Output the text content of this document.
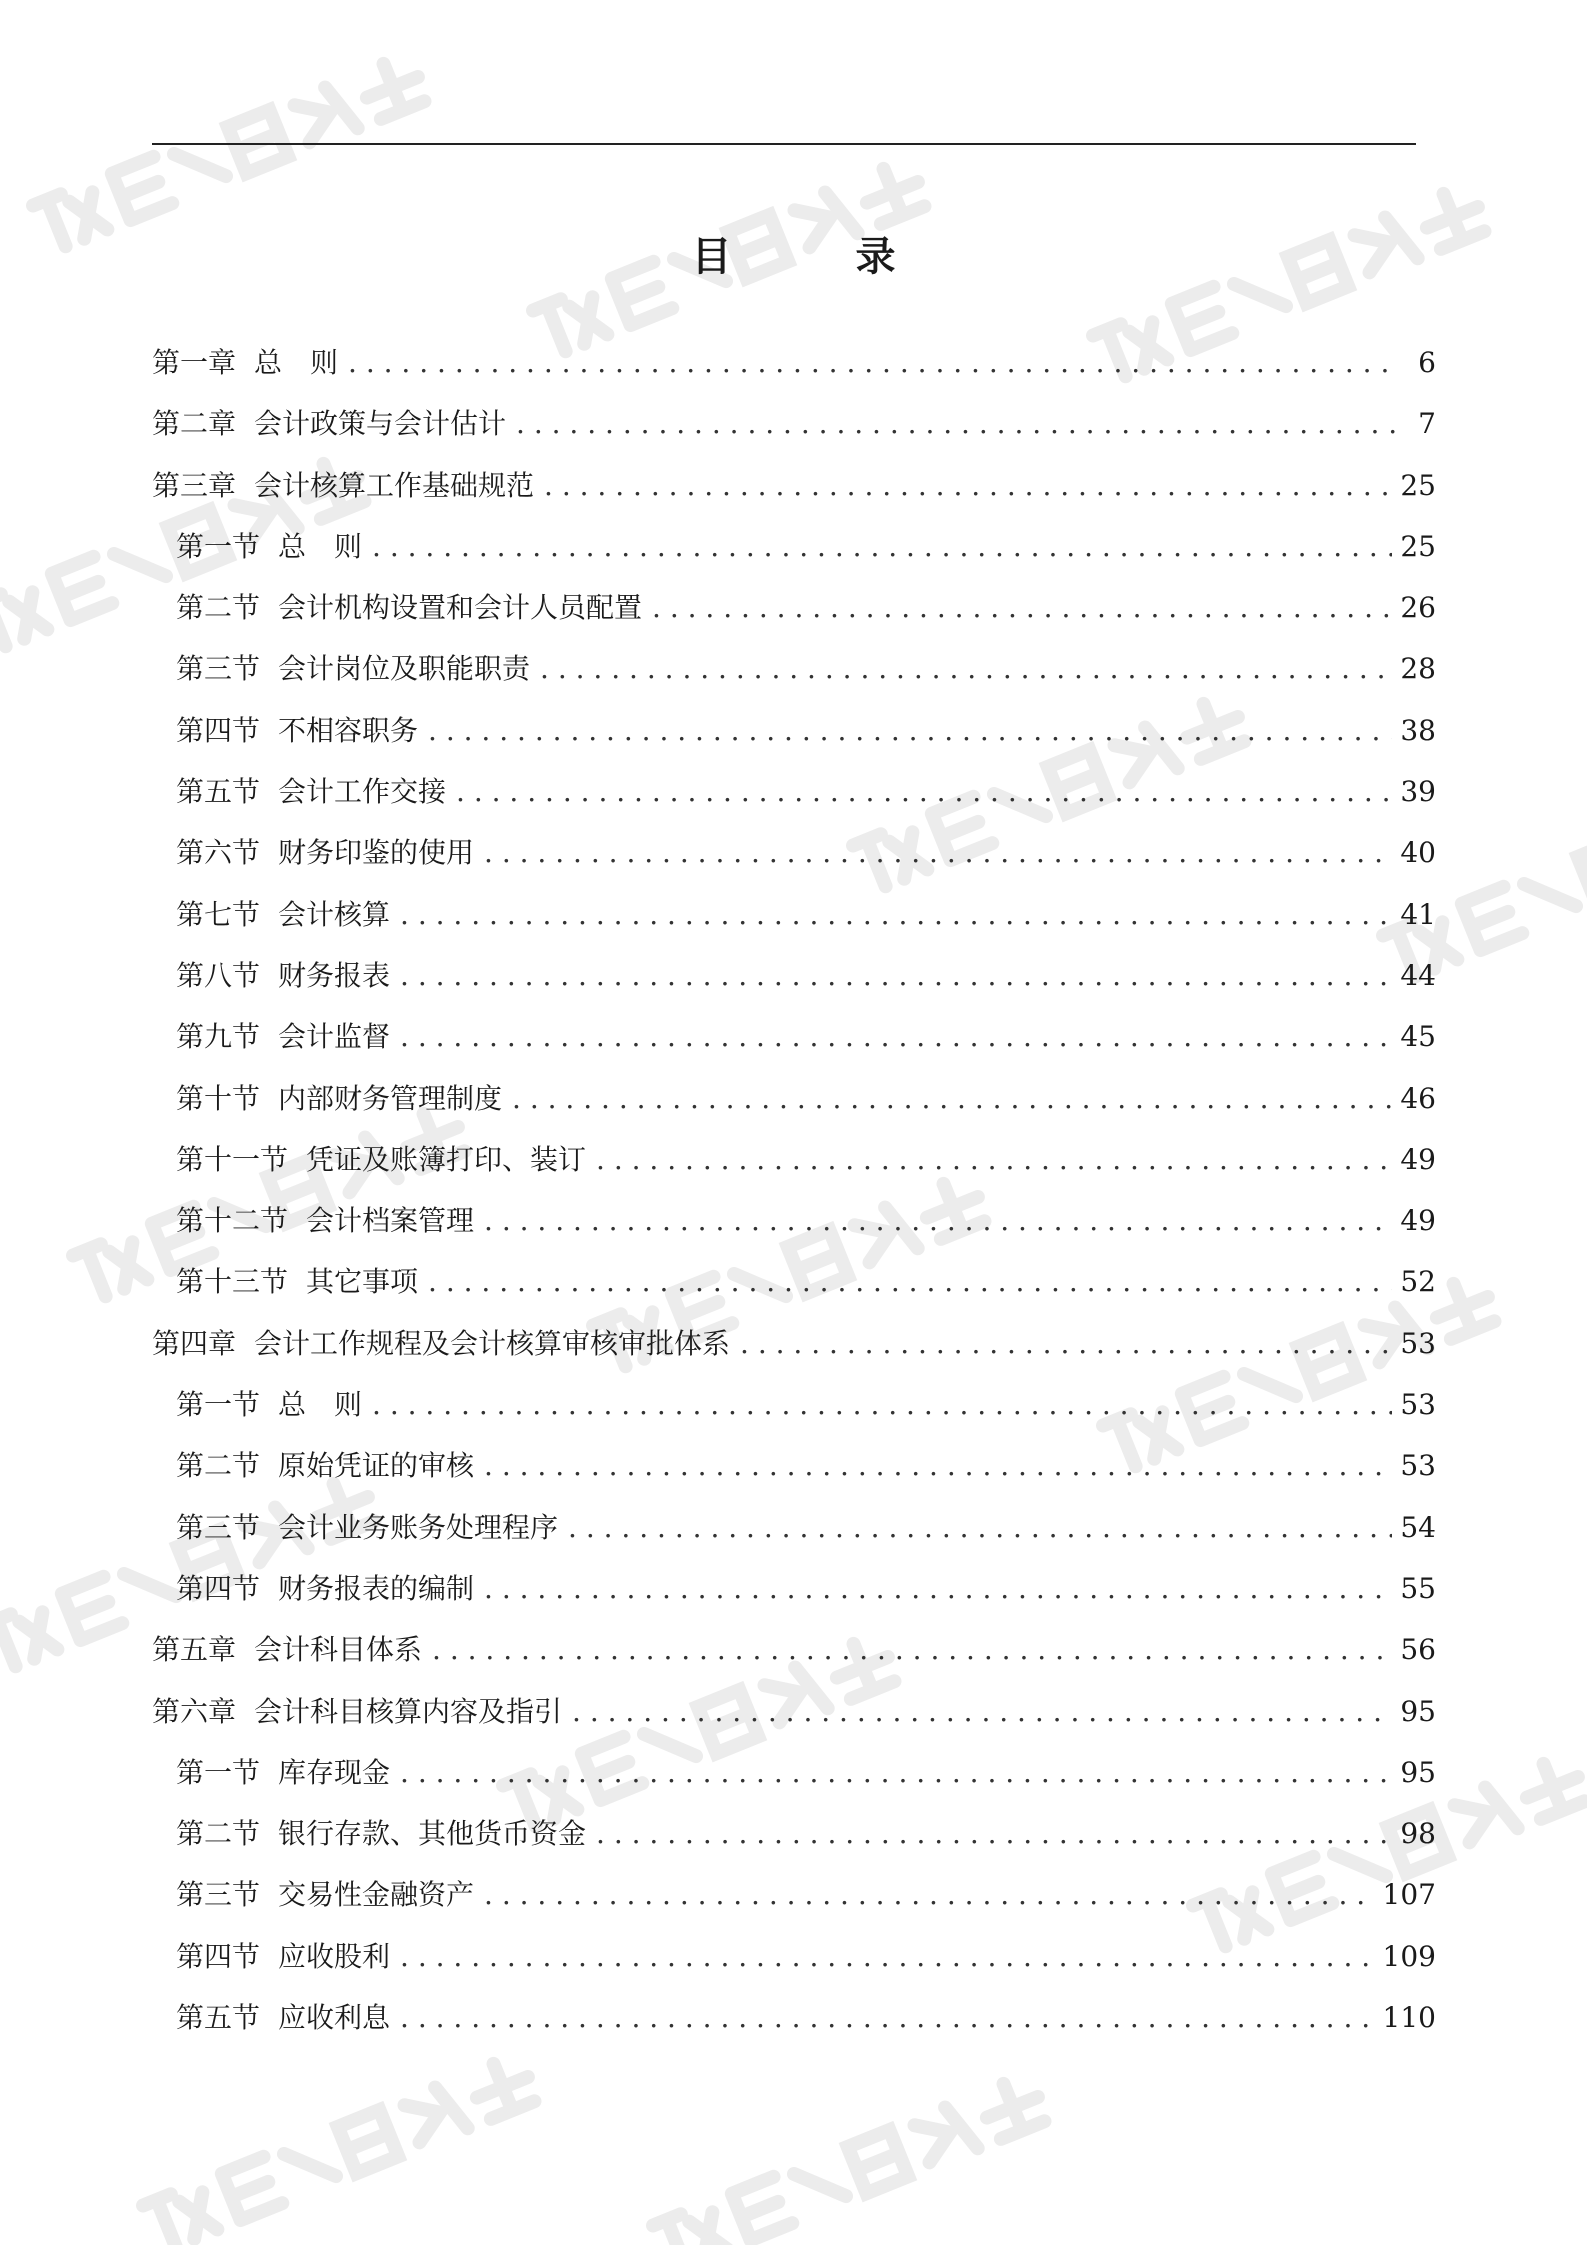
目　录
第一章 总　则 . . .	6
第二章 会计政策与会计估计 . . .	7
第三章 会计核算工作基础规范 . . .	25
第一节 总　则 . . .	25
第二节 会计机构设置和会计人员配置 . . .	26
第三节 会计岗位及职能职责 . . .	28
第四节 不相容职务 . . .	38
第五节 会计工作交接 . . .	39
第六节 财务印鉴的使用 . . .	40
第七节 会计核算 . . .	41
第八节 财务报表 . . .	44
第九节 会计监督 . . .	45
第十节 内部财务管理制度 . . .	46
第十一节 凭证及账簿打印、装订 . . .	49
第十二节 会计档案管理 . . .	49
第十三节 其它事项 . . .	52
第四章 会计工作规程及会计核算审核审批体系 . . .	53
第一节 总　则 . . .	53
第二节 原始凭证的审核 . . .	53
第三节 会计业务账务处理程序 . . .	54
第四节 财务报表的编制 . . .	55
第五章 会计科目体系 . . .	56
第六章 会计科目核算内容及指引 . . .	95
第一节 库存现金 . . .	95
第二节 银行存款、其他货币资金 . . .	98
第三节 交易性金融资产 . . .	107
第四节 应收股利 . . .	109
第五节 应收利息 . . .	110
